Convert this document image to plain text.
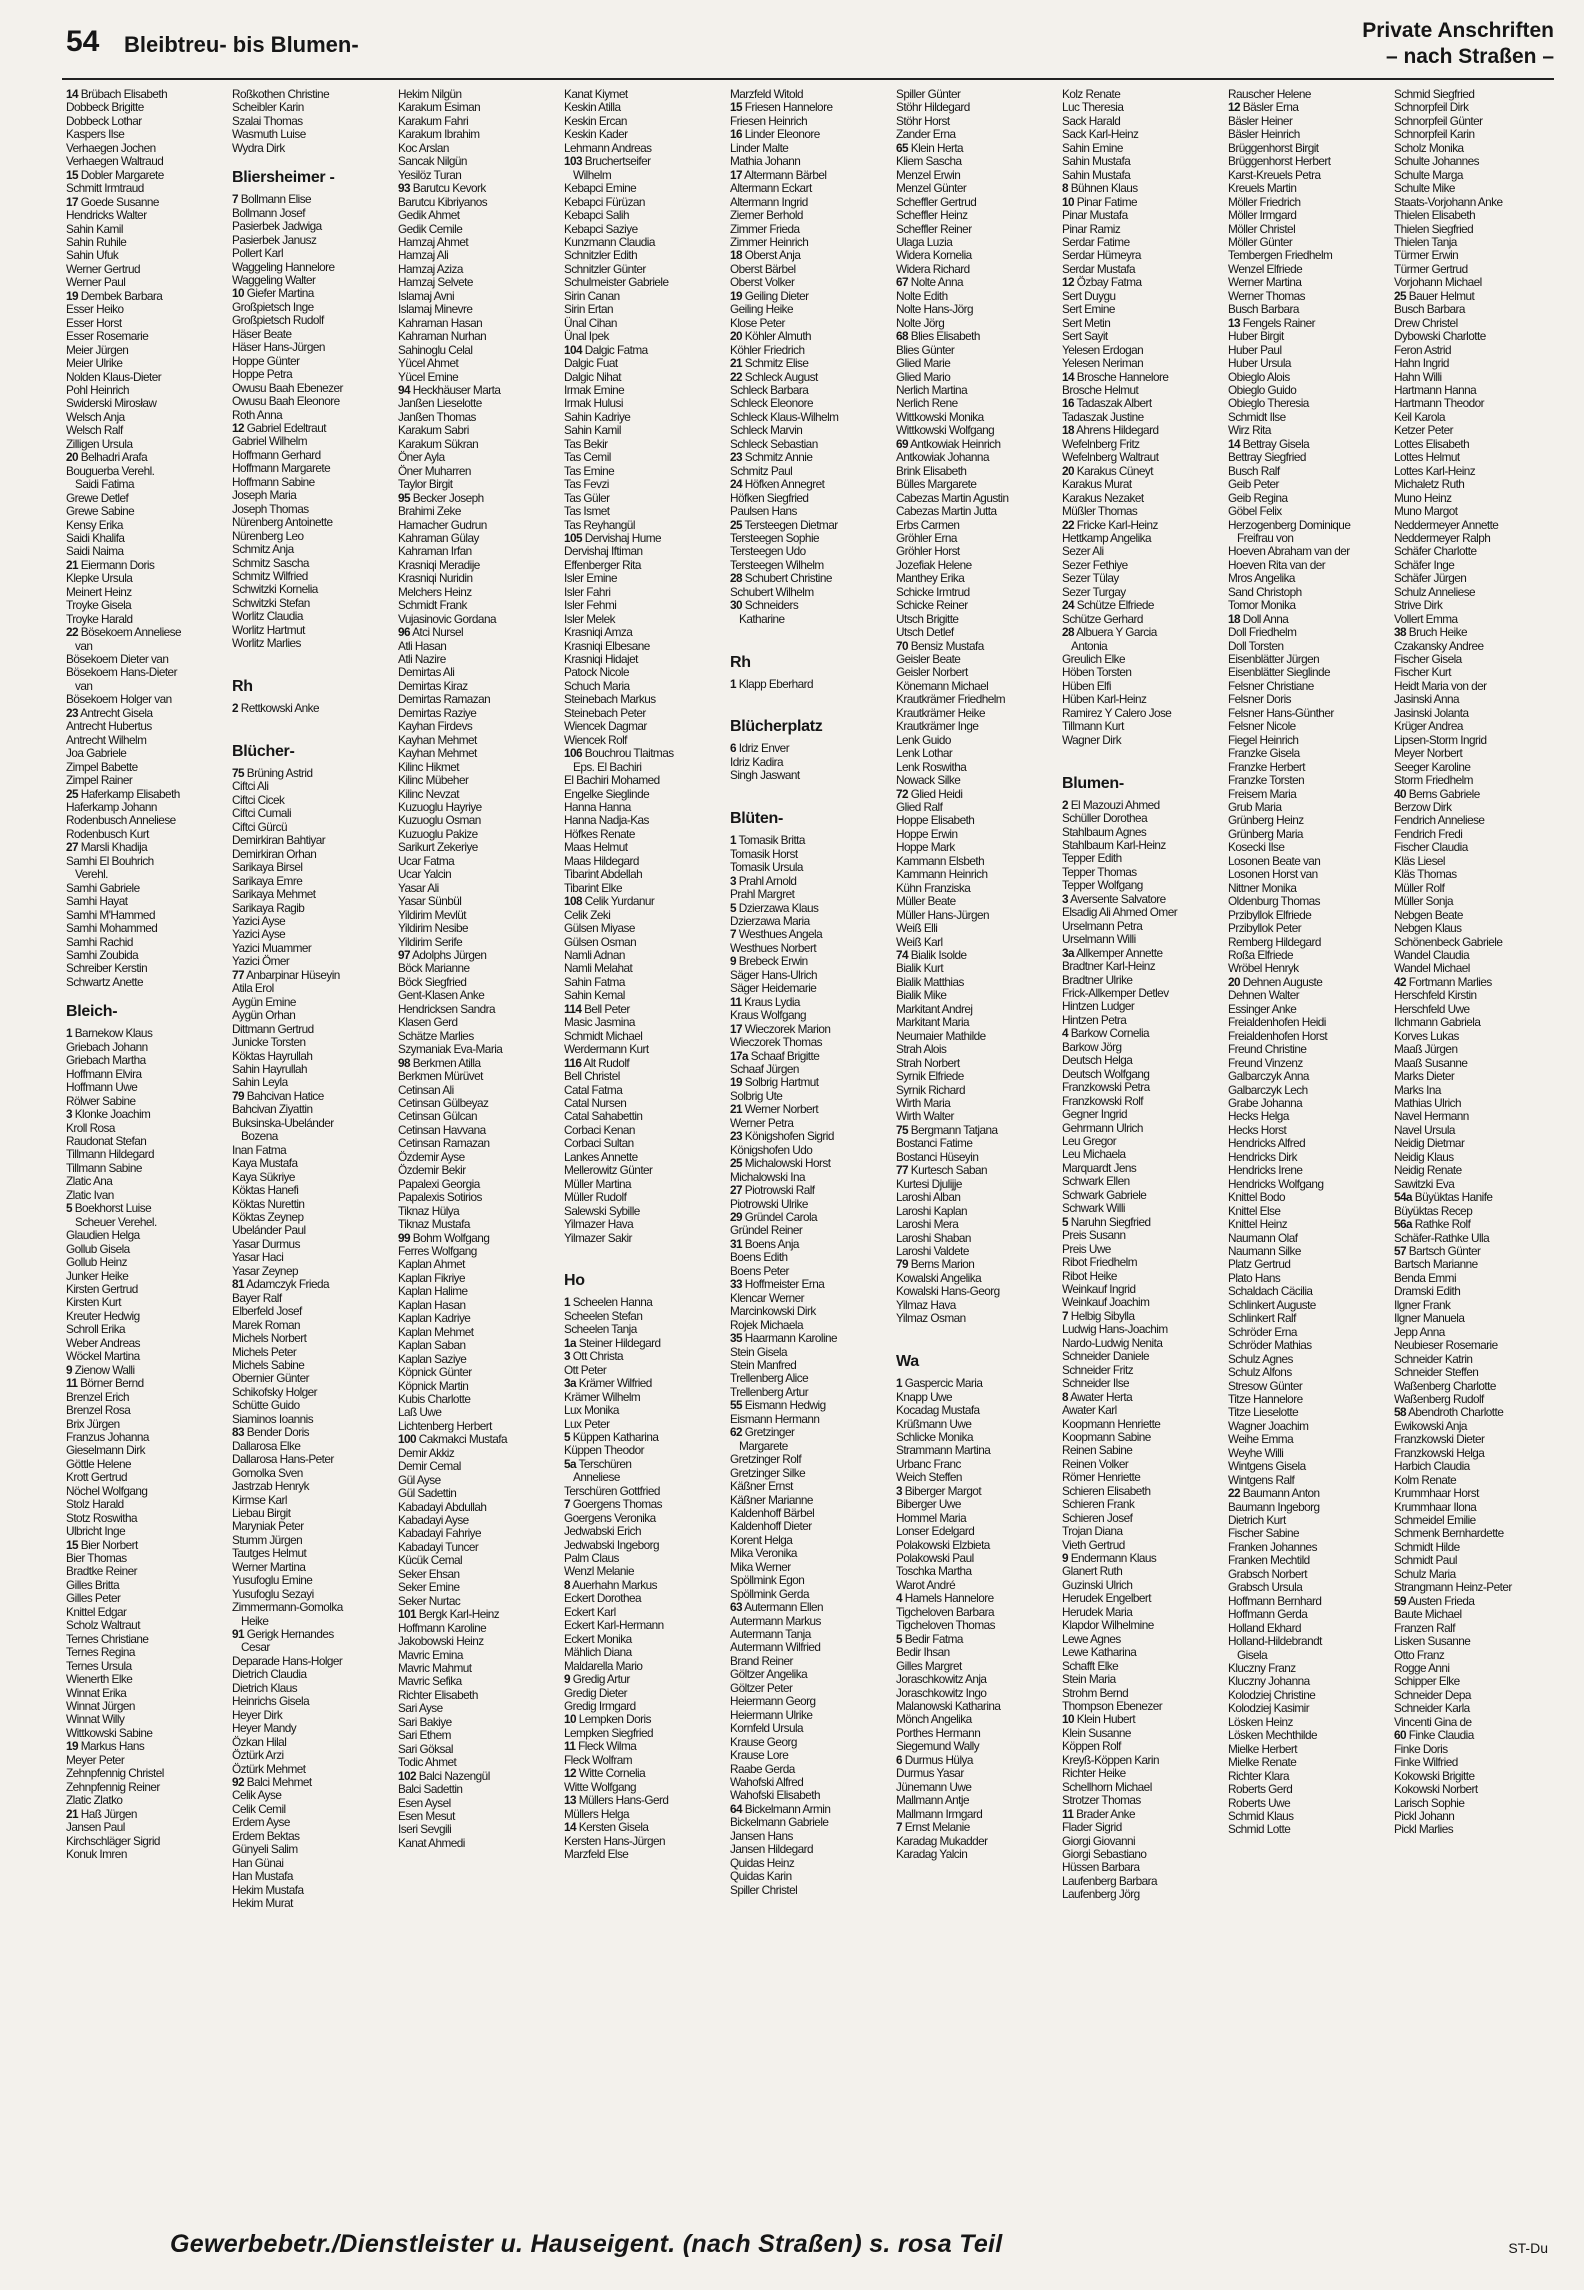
54 Bleibtreu- bis Blumen-
Private Anschriften
– nach Straßen –
14 Brübach Elisabeth
Dobbeck Brigitte
Dobbeck Lothar
Kaspers Ilse
Verhaegen Jochen
Verhaegen Waltraud
15 Dobler Margarete
Schmitt Irmtraud
17 Goede Susanne
Hendricks Walter
Sahin Kamil
Sahin Ruhile
Sahin Ufuk
Werner Gertrud
Werner Paul
19 Dembek Barbara
Esser Heiko
Esser Horst
Esser Rosemarie
Meier Jürgen
Meier Ulrike
Nolden Klaus-Dieter
Pohl Heinrich
Swiderski Mirosław
Welsch Anja
Welsch Ralf
Zilligen Ursula
20 Belhadri Arafa
Bouguerba Verehl.
Saidi Fatima
Grewe Detlef
Grewe Sabine
Kensy Erika
Saidi Khalifa
Saidi Naima
21 Eiermann Doris
Klepke Ursula
Meinert Heinz
Troyke Gisela
Troyke Harald
22 Bösekoem Anneliese
van
Bösekoem Dieter van
Bösekoem Hans-Dieter
van
Bösekoem Holger van
23 Antrecht Gisela
Antrecht Hubertus
Antrecht Wilhelm
Joa Gabriele
Zimpel Babette
Zimpel Rainer
25 Haferkamp Elisabeth
Haferkamp Johann
Rodenbusch Anneliese
Rodenbusch Kurt
27 Marsli Khadija
Samhi El Bouhrich
Verehl.
Samhi Gabriele
Samhi Hayat
Samhi M'Hammed
Samhi Mohammed
Samhi Rachid
Samhi Zoubida
Schreiber Kerstin
Schwartz Anette
Bleich-
1 Barnekow Klaus
Griebach Johann
Griebach Martha
Hoffmann Elvira
Hoffmann Uwe
Rölwer Sabine
3 Klonke Joachim
Kroll Rosa
Raudonat Stefan
Tillmann Hildegard
Tillmann Sabine
Zlatic Ana
Zlatic Ivan
5 Boekhorst Luise
Scheuer Verehel.
Glaudien Helga
Gollub Gisela
Gollub Heinz
Junker Heike
Kirsten Gertrud
Kirsten Kurt
Kreuter Hedwig
Schroll Erika
Weber Andreas
Wöckel Martina
9 Zienow Walli
11 Börner Bernd
Brenzel Erich
Brenzel Rosa
Brix Jürgen
Franzus Johanna
Gieselmann Dirk
Göttle Helene
Krott Gertrud
Nöchel Wolfgang
Stolz Harald
Stotz Roswitha
Ulbricht Inge
15 Bier Norbert
Bier Thomas
Bradtke Reiner
Gilles Britta
Gilles Peter
Knittel Edgar
Scholz Waltraut
Ternes Christiane
Ternes Regina
Ternes Ursula
Wienerth Elke
Winnat Erika
Winnat Jürgen
Winnat Willy
Wittkowski Sabine
19 Markus Hans
Meyer Peter
Zehnpfennig Christel
Zehnpfennig Reiner
Zlatic Zlatko
21 Haß Jürgen
Jansen Paul
Kirchschläger Sigrid
Konuk Imren
Roßkothen Christine
Scheibler Karin
Szalai Thomas
Wasmuth Luise
Wydra Dirk
Bliersheimer -
7 Bollmann Elise
Bollmann Josef
Pasierbek Jadwiga
Pasierbek Janusz
Pollert Karl
Waggeling Hannelore
Waggeling Walter
10 Giefer Martina
Großpietsch Inge
Großpietsch Rudolf
Häser Beate
Häser Hans-Jürgen
Hoppe Günter
Hoppe Petra
Owusu Baah Ebenezer
Owusu Baah Eleonore
Roth Anna
12 Gabriel Edeltraut
Gabriel Wilhelm
Hoffmann Gerhard
Hoffmann Margarete
Hoffmann Sabine
Joseph Maria
Joseph Thomas
Nürenberg Antoinette
Nürenberg Leo
Schmitz Anja
Schmitz Sascha
Schmitz Wilfried
Schwitzki Kornelia
Schwitzki Stefan
Worlitz Claudia
Worlitz Hartmut
Worlitz Marlies

Rh
2 Rettkowski Anke

Blücher-
75 Brüning Astrid
Ciftci Ali
Ciftci Cicek
Ciftci Cumali
Ciftci Gürcü
Demirkiran Bahtiyar
Demirkiran Orhan
Sarikaya Birsel
Sarikaya Emre
Sarikaya Mehmet
Sarikaya Ragib
Yazici Ayse
Yazici Ayse
Yazici Muammer
Yazici Ömer
77 Anbarpinar Hüseyin
Atila Erol
Aygün Emine
Aygün Orhan
Dittmann Gertrud
Junicke Torsten
Köktas Hayrullah
Sahin Hayrullah
Sahin Leyla
79 Bahcivan Hatice
Bahcivan Ziyattin
Buksinska-Ubelánder
Bozena
Inan Fatma
Kaya Mustafa
Kaya Sükriye
Köktas Hanefi
Köktas Nurettin
Köktas Zeynep
Ubelánder Paul
Yasar Durmus
Yasar Haci
Yasar Zeynep
81 Adamczyk Frieda
Bayer Ralf
Elberfeld Josef
Marek Roman
Michels Norbert
Michels Peter
Michels Sabine
Obernier Günter
Schikofsky Holger
Schütte Guido
Siaminos Ioannis
83 Bender Doris
Dallarosa Elke
Dallarosa Hans-Peter
Gomolka Sven
Jastrzab Henryk
Kirmse Karl
Liebau Birgit
Maryniak Peter
Stumm Jürgen
Tautges Helmut
Werner Martina
Yusufoglu Emine
Yusufoglu Sezayi
Zimmermann-Gomolka
Heike
91 Gerigk Hernandes
Cesar
Deparade Hans-Holger
Dietrich Claudia
Dietrich Klaus
Heinrichs Gisela
Heyer Dirk
Heyer Mandy
Özkan Hilal
Öztürk Arzi
Öztürk Mehmet
92 Balci Mehmet
Celik Ayse
Celik Cemil
Erdem Ayse
Erdem Bektas
Günyeli Salim
Han Günai
Han Mustafa
Hekim Mustafa
Hekim Murat
Hekim Nilgün
Karakum Esiman
Karakum Fahri
Karakum Ibrahim
Koc Arslan
Sancak Nilgün
Yesilöz Turan
93 Barutcu Kevork
Barutcu Kibriyanos
Gedik Ahmet
Gedik Cemile
Hamzaj Ahmet
Hamzaj Ali
Hamzaj Aziza
Hamzaj Selvete
Islamaj Avni
Islamaj Minevre
Kahraman Hasan
Kahraman Nurhan
Sahinoglu Celal
Yücel Ahmet
Yücel Emine
94 Heckhäuser Marta
Janßen Lieselotte
Janßen Thomas
Karakum Sabri
Karakum Sükran
Öner Ayla
Öner Muharren
Taylor Birgit
95 Becker Joseph
Brahimi Zeke
Hamacher Gudrun
Kahraman Gülay
Kahraman Irfan
Krasniqi Meradije
Krasniqi Nuridin
Melchers Heinz
Schmidt Frank
Vujasinovic Gordana
96 Atci Nursel
Atli Hasan
Atli Nazire
Demirtas Ali
Demirtas Kiraz
Demirtas Ramazan
Demirtas Raziye
Kayhan Firdevs
Kayhan Mehmet
Kayhan Mehmet
Kilinc Hikmet
Kilinc Mübeher
Kilinc Nevzat
Kuzuoglu Hayriye
Kuzuoglu Osman
Kuzuoglu Pakize
Sarikurt Zekeriye
Ucar Fatma
Ucar Yalcin
Yasar Ali
Yasar Sünbül
Yildirim Mevlüt
Yildirim Nesibe
Yildirim Serife
97 Adolphs Jürgen
Böck Marianne
Böck Siegfried
Gent-Klasen Anke
Hendricksen Sandra
Klasen Gerd
Schätze Marlies
Szymaniak Eva-Maria
98 Berkmen Atilla
Berkmen Mürüvet
Cetinsan Ali
Cetinsan Gülbeyaz
Cetinsan Gülcan
Cetinsan Havvana
Cetinsan Ramazan
Özdemir Ayse
Özdemir Bekir
Papalexi Georgia
Papalexis Sotirios
Tiknaz Hülya
Tiknaz Mustafa
99 Bohm Wolfgang
Ferres Wolfgang
Kaplan Ahmet
Kaplan Fikriye
Kaplan Halime
Kaplan Hasan
Kaplan Kadriye
Kaplan Mehmet
Kaplan Saban
Kaplan Saziye
Köpnick Günter
Köpnick Martin
Kubis Charlotte
Laß Uwe
Lichtenberg Herbert
100 Cakmakci Mustafa
Demir Akkiz
Demir Cemal
Gül Ayse
Gül Sadettin
Kabadayi Abdullah
Kabadayi Ayse
Kabadayi Fahriye
Kabadayi Tuncer
Kücük Cemal
Seker Ehsan
Seker Emine
Seker Nurtac
101 Bergk Karl-Heinz
Hoffmann Karoline
Jakobowski Heinz
Mavric Emina
Mavric Mahmut
Mavric Sefika
Richter Elisabeth
Sari Ayse
Sari Bakiye
Sari Ethem
Sari Göksal
Todic Ahmet
102 Balci Nazengül
Balci Sadettin
Esen Aysel
Esen Mesut
Iseri Sevgili
Kanat Ahmedi
Kanat Kiymet
Keskin Atilla
Keskin Ercan
Keskin Kader
Lehmann Andreas
103 Bruchertseifer
Wilhelm
Kebapci Emine
Kebapci Fürüzan
Kebapci Salih
Kebapci Saziye
Kunzmann Claudia
Schnitzler Edith
Schnitzler Günter
Schulmeister Gabriele
Sirin Canan
Sirin Ertan
Ünal Cihan
Ünal Ipek
104 Dalgic Fatma
Dalgic Fuat
Dalgic Nihat
Irmak Emine
Irmak Hulusi
Sahin Kadriye
Sahin Kamil
Tas Bekir
Tas Cemil
Tas Emine
Tas Fevzi
Tas Güler
Tas Ismet
Tas Reyhangül
105 Dervishaj Hume
Dervishaj Iftiman
Effenberger Rita
Isler Emine
Isler Fahri
Isler Fehmi
Isler Melek
Krasniqi Amza
Krasniqi Elbesane
Krasniqi Hidajet
Patock Nicole
Schuch Maria
Steinebach Markus
Steinebach Peter
Wiencek Dagmar
Wiencek Rolf
106 Bouchrou Tlaitmas
Eps. El Bachiri
El Bachiri Mohamed
Engelke Sieglinde
Hanna Hanna
Hanna Nadja-Kas
Höfkes Renate
Maas Helmut
Maas Hildegard
Tibarint Abdellah
Tibarint Elke
108 Celik Yurdanur
Celik Zeki
Gülsen Miyase
Gülsen Osman
Namli Adnan
Namli Melahat
Sahin Fatma
Sahin Kemal
114 Bell Peter
Masic Jasmina
Schmidt Michael
Werdermann Kurt
116 Alt Rudolf
Bell Christel
Catal Fatma
Catal Nursen
Catal Sahabettin
Corbaci Kenan
Corbaci Sultan
Lankes Annette
Mellerowitz Günter
Müller Martina
Müller Rudolf
Salewski Sybille
Yilmazer Hava
Yilmazer Sakir

Ho
1 Scheelen Hanna
Scheelen Stefan
Scheelen Tanja
1a Steiner Hildegard
3 Ott Christa
Ott Peter
3a Krämer Wilfried
Krämer Wilhelm
Lux Monika
Lux Peter
5 Küppen Katharina
Küppen Theodor
5a Terschüren
Anneliese
Terschüren Gottfried
7 Goergens Thomas
Goergens Veronika
Jedwabski Erich
Jedwabski Ingeborg
Palm Claus
Wenzl Melanie
8 Auerhahn Markus
Eckert Dorothea
Eckert Karl
Eckert Karl-Hermann
Eckert Monika
Mählich Diana
Maldarella Mario
9 Gredig Artur
Gredig Dieter
Gredig Irmgard
10 Lempken Doris
Lempken Siegfried
11 Fleck Wilma
Fleck Wolfram
12 Witte Cornelia
Witte Wolfgang
13 Müllers Hans-Gerd
Müllers Helga
14 Kersten Gisela
Kersten Hans-Jürgen
Marzfeld Else
Marzfeld Witold
15 Friesen Hannelore
Friesen Heinrich
16 Linder Eleonore
Linder Malte
Mathia Johann
17 Altermann Bärbel
Altermann Eckart
Altermann Ingrid
Ziemer Berhold
Zimmer Frieda
Zimmer Heinrich
18 Oberst Anja
Oberst Bärbel
Oberst Volker
19 Geiling Dieter
Geiling Heike
Klose Peter
20 Köhler Almuth
Köhler Friedrich
21 Schmitz Elise
22 Schleck August
Schleck Barbara
Schleck Eleonore
Schleck Klaus-Wilhelm
Schleck Marvin
Schleck Sebastian
23 Schmitz Annie
Schmitz Paul
24 Höfken Annegret
Höfken Siegfried
Paulsen Hans
25 Tersteegen Dietmar
Tersteegen Sophie
Tersteegen Udo
Tersteegen Wilhelm
28 Schubert Christine
Schubert Wilhelm
30 Schneiders
Katharine

Rh
1 Klapp Eberhard

Blücherplatz
6 Idriz Enver
Idriz Kadira
Singh Jaswant

Blüten-
1 Tomasik Britta
Tomasik Horst
Tomasik Ursula
3 Prahl Arnold
Prahl Margret
5 Dzierzawa Klaus
Dzierzawa Maria
7 Westhues Angela
Westhues Norbert
9 Brebeck Erwin
Säger Hans-Ulrich
Säger Heidemarie
11 Kraus Lydia
Kraus Wolfgang
17 Wieczorek Marion
Wieczorek Thomas
17a Schaaf Brigitte
Schaaf Jürgen
19 Solbrig Hartmut
Solbrig Ute
21 Werner Norbert
Werner Petra
23 Königshofen Sigrid
Königshofen Udo
25 Michalowski Horst
Michalowski Ina
27 Piotrowski Ralf
Piotrowski Ulrike
29 Gründel Carola
Gründel Reiner
31 Boens Anja
Boens Edith
Boens Peter
33 Hoffmeister Erna
Klencar Werner
Marcinkowski Dirk
Rojek Michaela
35 Haarmann Karoline
Stein Gisela
Stein Manfred
Trellenberg Alice
Trellenberg Artur
55 Eismann Hedwig
Eismann Hermann
62 Gretzinger
Margarete
Gretzinger Rolf
Gretzinger Silke
Käßner Ernst
Käßner Marianne
Kaldenhoff Bärbel
Kaldenhoff Dieter
Korent Helga
Mika Veronika
Mika Werner
Spöllmink Egon
Spöllmink Gerda
63 Autermann Ellen
Autermann Markus
Autermann Tanja
Autermann Wilfried
Brand Reiner
Göltzer Angelika
Göltzer Peter
Heiermann Georg
Heiermann Ulrike
Kornfeld Ursula
Krause Georg
Krause Lore
Raabe Gerda
Wahofski Alfred
Wahofski Elisabeth
64 Bickelmann Armin
Bickelmann Gabriele
Jansen Hans
Jansen Hildegard
Quidas Heinz
Quidas Karin
Spiller Christel
Spiller Günter
Stöhr Hildegard
Stöhr Horst
Zander Erna
65 Klein Herta
Kliem Sascha
Menzel Erwin
Menzel Günter
Scheffler Gertrud
Scheffler Heinz
Scheffler Reiner
Ulaga Luzia
Widera Kornelia
Widera Richard
67 Nolte Anna
Nolte Edith
Nolte Hans-Jörg
Nolte Jörg
68 Blies Elisabeth
Blies Günter
Glied Marie
Glied Mario
Nerlich Martina
Nerlich Rene
Wittkowski Monika
Wittkowski Wolfgang
69 Antkowiak Heinrich
Antkowiak Johanna
Brink Elisabeth
Bülles Margarete
Cabezas Martin Agustin
Cabezas Martin Jutta
Erbs Carmen
Gröhler Erna
Gröhler Horst
Jozefiak Helene
Manthey Erika
Schicke Irmtrud
Schicke Reiner
Utsch Brigitte
Utsch Detlef
70 Bensiz Mustafa
Geisler Beate
Geisler Norbert
Könemann Michael
Krautkrämer Friedhelm
Krautkrämer Heike
Krautkrämer Inge
Lenk Guido
Lenk Lothar
Lenk Roswitha
Nowack Silke
72 Glied Heidi
Glied Ralf
Hoppe Elisabeth
Hoppe Erwin
Hoppe Mark
Kammann Elsbeth
Kammann Heinrich
Kühn Franziska
Müller Beate
Müller Hans-Jürgen
Weiß Elli
Weiß Karl
74 Bialik Isolde
Bialik Kurt
Bialik Matthias
Bialik Mike
Markitant Andrej
Markitant Maria
Neumaier Mathilde
Strah Alois
Strah Norbert
Syrnik Elfriede
Syrnik Richard
Wirth Maria
Wirth Walter
75 Bergmann Tatjana
Bostanci Fatime
Bostanci Hüseyin
77 Kurtesch Saban
Kurtesi Djulijje
Laroshi Alban
Laroshi Kaplan
Laroshi Mera
Laroshi Shaban
Laroshi Valdete
79 Berns Marion
Kowalski Angelika
Kowalski Hans-Georg
Yilmaz Hava
Yilmaz Osman

Wa
1 Gaspercic Maria
Knapp Uwe
Kocadag Mustafa
Krüßmann Uwe
Schlicke Monika
Strammann Martina
Urbanc Franc
Weich Steffen
3 Biberger Margot
Biberger Uwe
Hommel Maria
Lonser Edelgard
Polakowski Elzbieta
Polakowski Paul
Toschka Martha
Warot André
4 Hamels Hannelore
Tigcheloven Barbara
Tigcheloven Thomas
5 Bedir Fatma
Bedir Ihsan
Gilles Margret
Joraschkowitz Anja
Joraschkowitz Ingo
Malanowski Katharina
Mönch Angelika
Porthes Hermann
Siegemund Wally
6 Durmus Hülya
Durmus Yasar
Jünemann Uwe
Mallmann Antje
Mallmann Irmgard
7 Ernst Melanie
Karadag Mukadder
Karadag Yalcin
Kolz Renate
Luc Theresia
Sack Harald
Sack Karl-Heinz
Sahin Emine
Sahin Mustafa
Sahin Mustafa
8 Bühnen Klaus
10 Pinar Fatime
Pinar Mustafa
Pinar Ramiz
Serdar Fatime
Serdar Hümeyra
Serdar Mustafa
12 Özbay Fatma
Sert Duygu
Sert Emine
Sert Metin
Sert Sayit
Yelesen Erdogan
Yelesen Neriman
14 Brosche Hannelore
Brosche Helmut
16 Tadaszak Albert
Tadaszak Justine
18 Ahrens Hildegard
Wefelnberg Fritz
Wefelnberg Waltraut
20 Karakus Cüneyt
Karakus Murat
Karakus Nezaket
Müßler Thomas
22 Fricke Karl-Heinz
Hettkamp Angelika
Sezer Ali
Sezer Fethiye
Sezer Tülay
Sezer Turgay
24 Schütze Elfriede
Schütze Gerhard
28 Albuera Y Garcia
Antonia
Greulich Elke
Höben Torsten
Hüben Elfi
Hüben Karl-Heinz
Ramirez Y Calero Jose
Tillmann Kurt
Wagner Dirk

Blumen-
2 El Mazouzi Ahmed
Schüller Dorothea
Stahlbaum Agnes
Stahlbaum Karl-Heinz
Tepper Edith
Tepper Thomas
Tepper Wolfgang
3 Aversente Salvatore
Elsadig Ali Ahmed Omer
Urselmann Petra
Urselmann Willi
3a Allkemper Annette
Bradtner Karl-Heinz
Bradtner Ulrike
Frick-Allkemper Detlev
Hintzen Ludger
Hintzen Petra
4 Barkow Cornelia
Barkow Jörg
Deutsch Helga
Deutsch Wolfgang
Franzkowski Petra
Franzkowski Rolf
Gegner Ingrid
Gehrmann Ulrich
Leu Gregor
Leu Michaela
Marquardt Jens
Schwark Ellen
Schwark Gabriele
Schwark Willi
5 Naruhn Siegfried
Preis Susann
Preis Uwe
Ribot Friedhelm
Ribot Heike
Weinkauf Ingrid
Weinkauf Joachim
7 Helbig Sibylla
Ludwig Hans-Joachim
Nardo-Ludwig Nenita
Schneider Daniele
Schneider Fritz
Schneider Ilse
8 Awater Herta
Awater Karl
Koopmann Henriette
Koopmann Sabine
Reinen Sabine
Reinen Volker
Römer Henriette
Schieren Elisabeth
Schieren Frank
Schieren Josef
Trojan Diana
Vieth Gertrud
9 Endermann Klaus
Glanert Ruth
Guzinski Ulrich
Herudek Engelbert
Herudek Maria
Klapdor Wilhelmine
Lewe Agnes
Lewe Katharina
Schafft Elke
Stein Maria
Strohm Bernd
Thompson Ebenezer
10 Klein Hubert
Klein Susanne
Köppen Rolf
Kreyß-Köppen Karin
Richter Heike
Schellhorn Michael
Strotzer Thomas
11 Brader Anke
Flader Sigrid
Giorgi Giovanni
Giorgi Sebastiano
Hüssen Barbara
Laufenberg Barbara
Laufenberg Jörg
Rauscher Helene
12 Bäsler Erna
Bäsler Heiner
Bäsler Heinrich
Brüggenhorst Birgit
Brüggenhorst Herbert
Karst-Kreuels Petra
Kreuels Martin
Möller Friedrich
Möller Irmgard
Möller Christel
Möller Günter
Tembergen Friedhelm
Wenzel Elfriede
Werner Martina
Werner Thomas
Busch Barbara
13 Fengels Rainer
Huber Birgit
Huber Paul
Huber Ursula
Obieglo Alois
Obieglo Guido
Obieglo Theresia
Schmidt Ilse
Wirz Rita
14 Bettray Gisela
Bettray Siegfried
Busch Ralf
Geib Peter
Geib Regina
Göbel Felix
Herzogenberg Dominique
Freifrau von
Hoeven Abraham van der
Hoeven Rita van der
Mros Angelika
Sand Christoph
Tomor Monika
18 Doll Anna
Doll Friedhelm
Doll Torsten
Eisenblätter Jürgen
Eisenblätter Sieglinde
Felsner Christiane
Felsner Doris
Felsner Hans-Günther
Felsner Nicole
Fiegel Heinrich
Franzke Gisela
Franzke Herbert
Franzke Torsten
Freisem Maria
Grub Maria
Grünberg Heinz
Grünberg Maria
Kosecki Ilse
Losonen Beate van
Losonen Horst van
Nittner Monika
Oldenburg Thomas
Przibyllok Elfriede
Przibyllok Peter
Remberg Hildegard
Roßa Elfriede
Wröbel Henryk
20 Dehnen Auguste
Dehnen Walter
Essinger Anke
Freialdenhofen Heidi
Freialdenhofen Horst
Freund Christine
Freund Vinzenz
Galbarczyk Anna
Galbarczyk Lech
Grabe Johanna
Hecks Helga
Hecks Horst
Hendricks Alfred
Hendricks Dirk
Hendricks Irene
Hendricks Wolfgang
Knittel Bodo
Knittel Else
Knittel Heinz
Naumann Olaf
Naumann Silke
Platz Gertrud
Plato Hans
Schaldach Cäcilia
Schlinkert Auguste
Schlinkert Ralf
Schröder Erna
Schröder Mathias
Schulz Agnes
Schulz Alfons
Stresow Günter
Titze Hannelore
Titze Lieselotte
Wagner Joachim
Weihe Emma
Weyhe Willi
Wintgens Gisela
Wintgens Ralf
22 Baumann Anton
Baumann Ingeborg
Dietrich Kurt
Fischer Sabine
Franken Johannes
Franken Mechtild
Grabsch Norbert
Grabsch Ursula
Hoffmann Bernhard
Hoffmann Gerda
Holland Ekhard
Holland-Hildebrandt
Gisela
Kluczny Franz
Kluczny Johanna
Kolodziej Christine
Kolodziej Kasimir
Lösken Heinz
Lösken Mechthilde
Mielke Herbert
Mielke Renate
Richter Klara
Roberts Gerd
Roberts Uwe
Schmid Klaus
Schmid Lotte
Schmid Siegfried
Schnorpfeil Dirk
Schnorpfeil Günter
Schnorpfeil Karin
Scholz Monika
Schulte Johannes
Schulte Marga
Schulte Mike
Staats-Vorjohann Anke
Thielen Elisabeth
Thielen Siegfried
Thielen Tanja
Türmer Erwin
Türmer Gertrud
Vorjohann Michael
25 Bauer Helmut
Busch Barbara
Drew Christel
Dybowski Charlotte
Feron Astrid
Hahn Ingrid
Hahn Willi
Hartmann Hanna
Hartmann Theodor
Keil Karola
Ketzer Peter
Lottes Elisabeth
Lottes Helmut
Lottes Karl-Heinz
Michaletz Ruth
Muno Heinz
Muno Margot
Neddermeyer Annette
Neddermeyer Ralph
Schäfer Charlotte
Schäfer Inge
Schäfer Jürgen
Schulz Anneliese
Strive Dirk
Vollert Emma
38 Bruch Heike
Czakansky Andree
Fischer Gisela
Fischer Kurt
Heidt Maria von der
Jasinski Anna
Jasinski Jolanta
Krüger Andrea
Lipsen-Storm Ingrid
Meyer Norbert
Seeger Karoline
Storm Friedhelm
40 Berns Gabriele
Berzow Dirk
Fendrich Anneliese
Fendrich Fredi
Fischer Claudia
Kläs Liesel
Kläs Thomas
Müller Rolf
Müller Sonja
Nebgen Beate
Nebgen Klaus
Schönenbeck Gabriele
Wandel Claudia
Wandel Michael
42 Fortmann Marlies
Herschfeld Kirstin
Herschfeld Uwe
Ilchmann Gabriela
Korves Lukas
Maaß Jürgen
Maaß Susanne
Marks Dieter
Marks Ina
Mathias Ulrich
Navel Hermann
Navel Ursula
Neidig Dietmar
Neidig Klaus
Neidig Renate
Sawitzki Eva
54a Büyüktas Hanife
Büyüktas Recep
56a Rathke Rolf
Schäfer-Rathke Ulla
57 Bartsch Günter
Bartsch Marianne
Benda Emmi
Dramski Edith
Ilgner Frank
Ilgner Manuela
Jepp Anna
Neubieser Rosemarie
Schneider Katrin
Schneider Steffen
Waßenberg Charlotte
Waßenberg Rudolf
58 Abendroth Charlotte
Ewikowski Anja
Franzkowski Dieter
Franzkowski Helga
Harbich Claudia
Kolm Renate
Krummhaar Horst
Krummhaar Ilona
Schmeidel Emilie
Schmenk Bernhardette
Schmidt Hilde
Schmidt Paul
Schulz Maria
Strangmann Heinz-Peter
59 Austen Frieda
Baute Michael
Franzen Ralf
Lisken Susanne
Otto Franz
Rogge Anni
Schipper Elke
Schneider Depa
Schneider Karla
Vincenti Gina de
60 Finke Claudia
Finke Doris
Finke Wilfried
Kokowski Brigitte
Kokowski Norbert
Larisch Sophie
Pickl Johann
Pickl Marlies
Gewerbebetr./Dienstleister u. Hauseigent. (nach Straßen) s. rosa Teil	ST-Du
